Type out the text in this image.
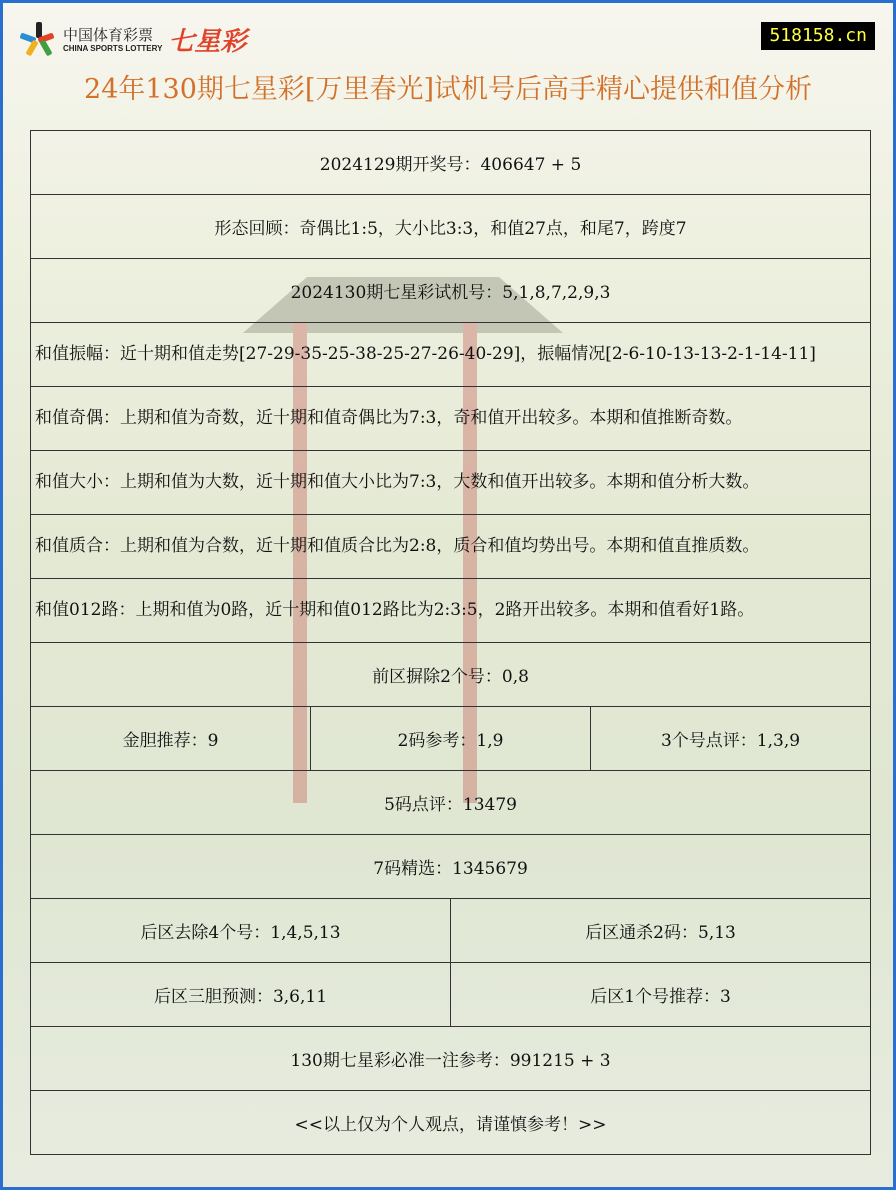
中国体育彩票
CHINA SPORTS LOTTERY 七星彩	518158.cn
24年130期七星彩[万里春光]试机号后高手精心提供和值分析
2024129期开奖号：406647 + 5			
形态回顾：奇偶比1:5，大小比3:3，和值27点，和尾7，跨度7			
2024130期七星彩试机号：5,1,8,7,2,9,3			
和值振幅：近十期和值走势[27-29-35-25-38-25-27-26-40-29]，振幅情况[2-6-10-13-13-2-1-14-11]			
和值奇偶：上期和值为奇数，近十期和值奇偶比为7:3，奇和值开出较多。本期和值推断奇数。			
和值大小：上期和值为大数，近十期和值大小比为7:3，大数和值开出较多。本期和值分析大数。			
和值质合：上期和值为合数，近十期和值质合比为2:8，质合和值均势出号。本期和值直推质数。			
和值012路：上期和值为0路，近十期和值012路比为2:3:5，2路开出较多。本期和值看好1路。			
前区摒除2个号：0,8			
金胆推荐：9	2码参考：1,9		3个号点评：1,3,9
5码点评：13479			
7码精选：1345679			
后区去除4个号：1,4,5,13		后区通杀2码：5,13	
后区三胆预测：3,6,11		后区1个号推荐：3	
130期七星彩必准一注参考：991215 + 3			
<<以上仅为个人观点，请谨慎参考！>>			
